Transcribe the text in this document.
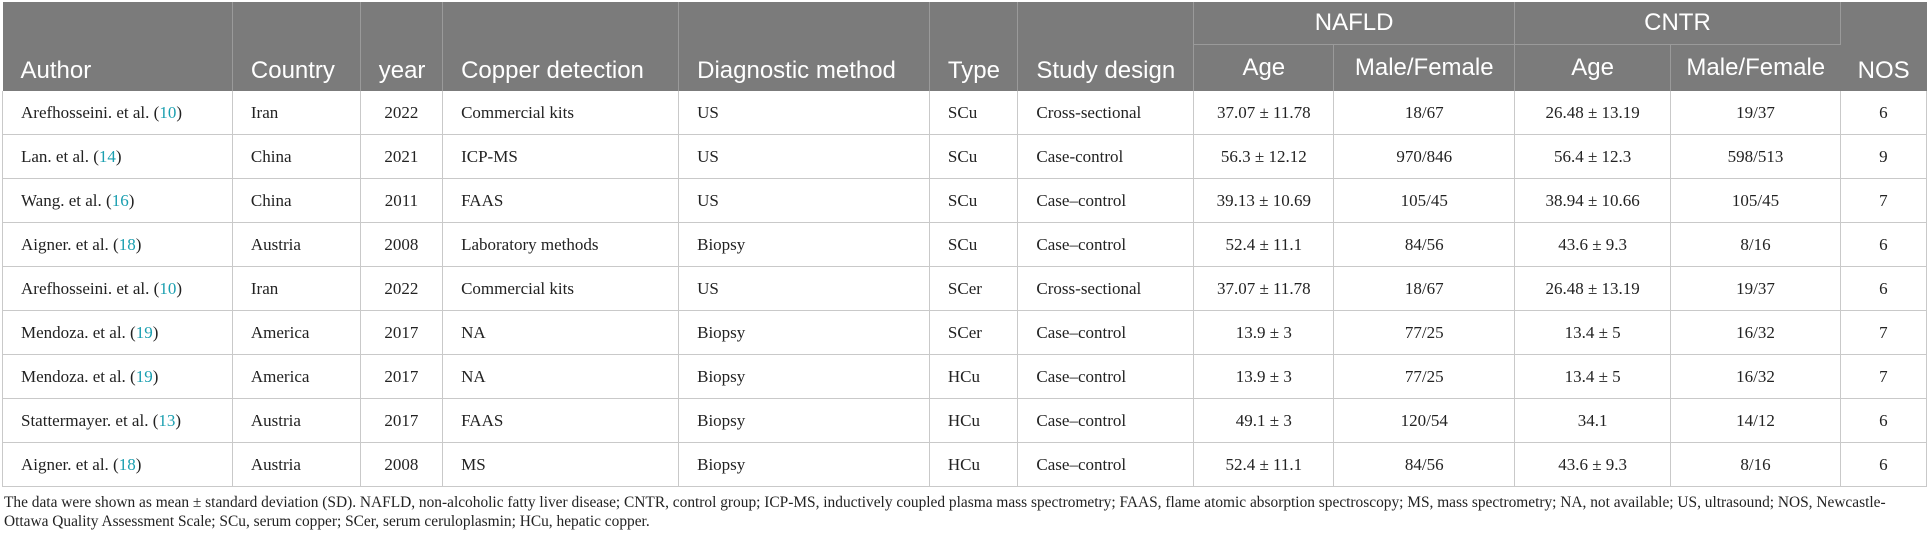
Author	Country	year	Copper detection	Diagnostic method	Type	Study design	NAFLD		CNTR		NOS
							Age	Male/Female	Age	Male/Female	
Arefhosseini. et al. (10)	Iran	2022	Commercial kits	US	SCu	Cross-sectional	37.07 ± 11.78	18/67	26.48 ± 13.19	19/37	6
Lan. et al. (14)	China	2021	ICP-MS	US	SCu	Case-control	56.3 ± 12.12	970/846	56.4 ± 12.3	598/513	9
Wang. et al. (16)	China	2011	FAAS	US	SCu	Case–control	39.13 ± 10.69	105/45	38.94 ± 10.66	105/45	7
Aigner. et al. (18)	Austria	2008	Laboratory methods	Biopsy	SCu	Case–control	52.4 ± 11.1	84/56	43.6 ± 9.3	8/16	6
Arefhosseini. et al. (10)	Iran	2022	Commercial kits	US	SCer	Cross-sectional	37.07 ± 11.78	18/67	26.48 ± 13.19	19/37	6
Mendoza. et al. (19)	America	2017	NA	Biopsy	SCer	Case–control	13.9 ± 3	77/25	13.4 ± 5	16/32	7
Mendoza. et al. (19)	America	2017	NA	Biopsy	HCu	Case–control	13.9 ± 3	77/25	13.4 ± 5	16/32	7
Stattermayer. et al. (13)	Austria	2017	FAAS	Biopsy	HCu	Case–control	49.1 ± 3	120/54	34.1	14/12	6
Aigner. et al. (18)	Austria	2008	MS	Biopsy	HCu	Case–control	52.4 ± 11.1	84/56	43.6 ± 9.3	8/16	6
The data were shown as mean ± standard deviation (SD). NAFLD, non-alcoholic fatty liver disease; CNTR, control group; ICP-MS, inductively coupled plasma mass spectrometry; FAAS, flame atomic absorption spectroscopy; MS, mass spectrometry; NA, not available; US, ultrasound; NOS, Newcastle-Ottawa Quality Assessment Scale; SCu, serum copper; SCer, serum ceruloplasmin; HCu, hepatic copper.
